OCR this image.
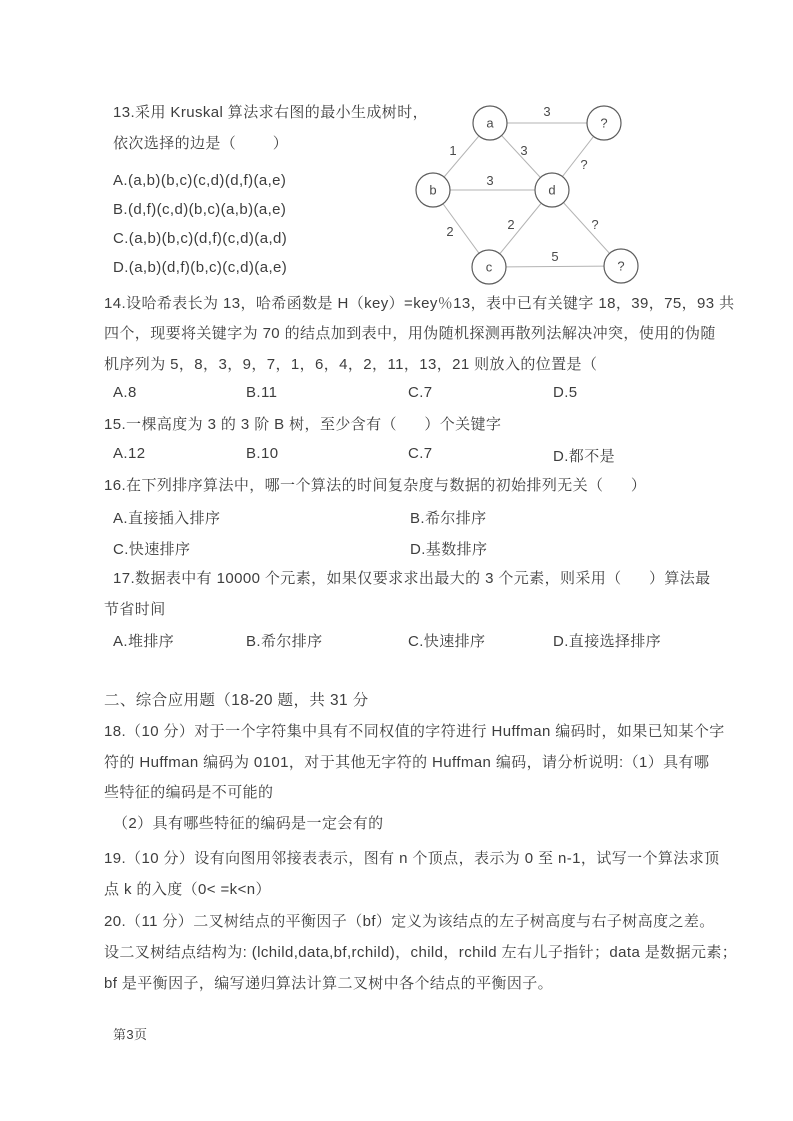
13.采用 Kruskal 算法求右图的最小生成树时，
依次选择的边是（        ）
A.(a,b)(b,c)(c,d)(d,f)(a,e)
B.(d,f)(c,d)(b,c)(a,b)(a,e)
C.(a,b)(b,c)(d,f)(c,d)(a,d)
D.(a,b)(d,f)(b,c)(c,d)(a,e)
a	?
b	d
c	?
3
1	3
?
3
2	2	?
5
14.设哈希表长为 13，哈希函数是 H（key）=key％13，表中已有关键字 18，39，75，93 共
四个，现要将关键字为 70 的结点加到表中，用伪随机探测再散列法解决冲突，使用的伪随
机序列为 5，8，3，9，7，1，6，4，2，11，13，21 则放入的位置是（

A.8

	B.11

	C.7

	D.5

15.一棵高度为 3 的 3 阶 B 树，至少含有（      ）个关键字

A.12

	B.10

	C.7

	D.都不是

16.在下列排序算法中，哪一个算法的时间复杂度与数据的初始排列无关（      ）

A.直接插入排序

	B.希尔排序

C.快速排序

	D.基数排序

17.数据表中有 10000 个元素，如果仅要求求出最大的 3 个元素，则采用（      ）算法最
节省时间

A.堆排序

	B.希尔排序

	C.快速排序

	D.直接选择排序

二、综合应用题（18-20 题，共 31 分
18.（10 分）对于一个字符集中具有不同权值的字符进行 Huffman 编码时，如果已知某个字
符的 Huffman 编码为 0101，对于其他无字符的 Huffman 编码，请分析说明:（1）具有哪
些特征的编码是不可能的
（2）具有哪些特征的编码是一定会有的
19.（10 分）设有向图用邻接表表示，图有 n 个顶点，表示为 0 至 n-1，试写一个算法求顶
点 k 的入度（0< =k<n）
20.（11 分）二叉树结点的平衡因子（bf）定义为该结点的左子树高度与右子树高度之差。
设二叉树结点结构为: (lchild,data,bf,rchild)，child，rchild 左右儿子指针；data 是数据元素；
bf 是平衡因子，编写递归算法计算二叉树中各个结点的平衡因子。
第3页
